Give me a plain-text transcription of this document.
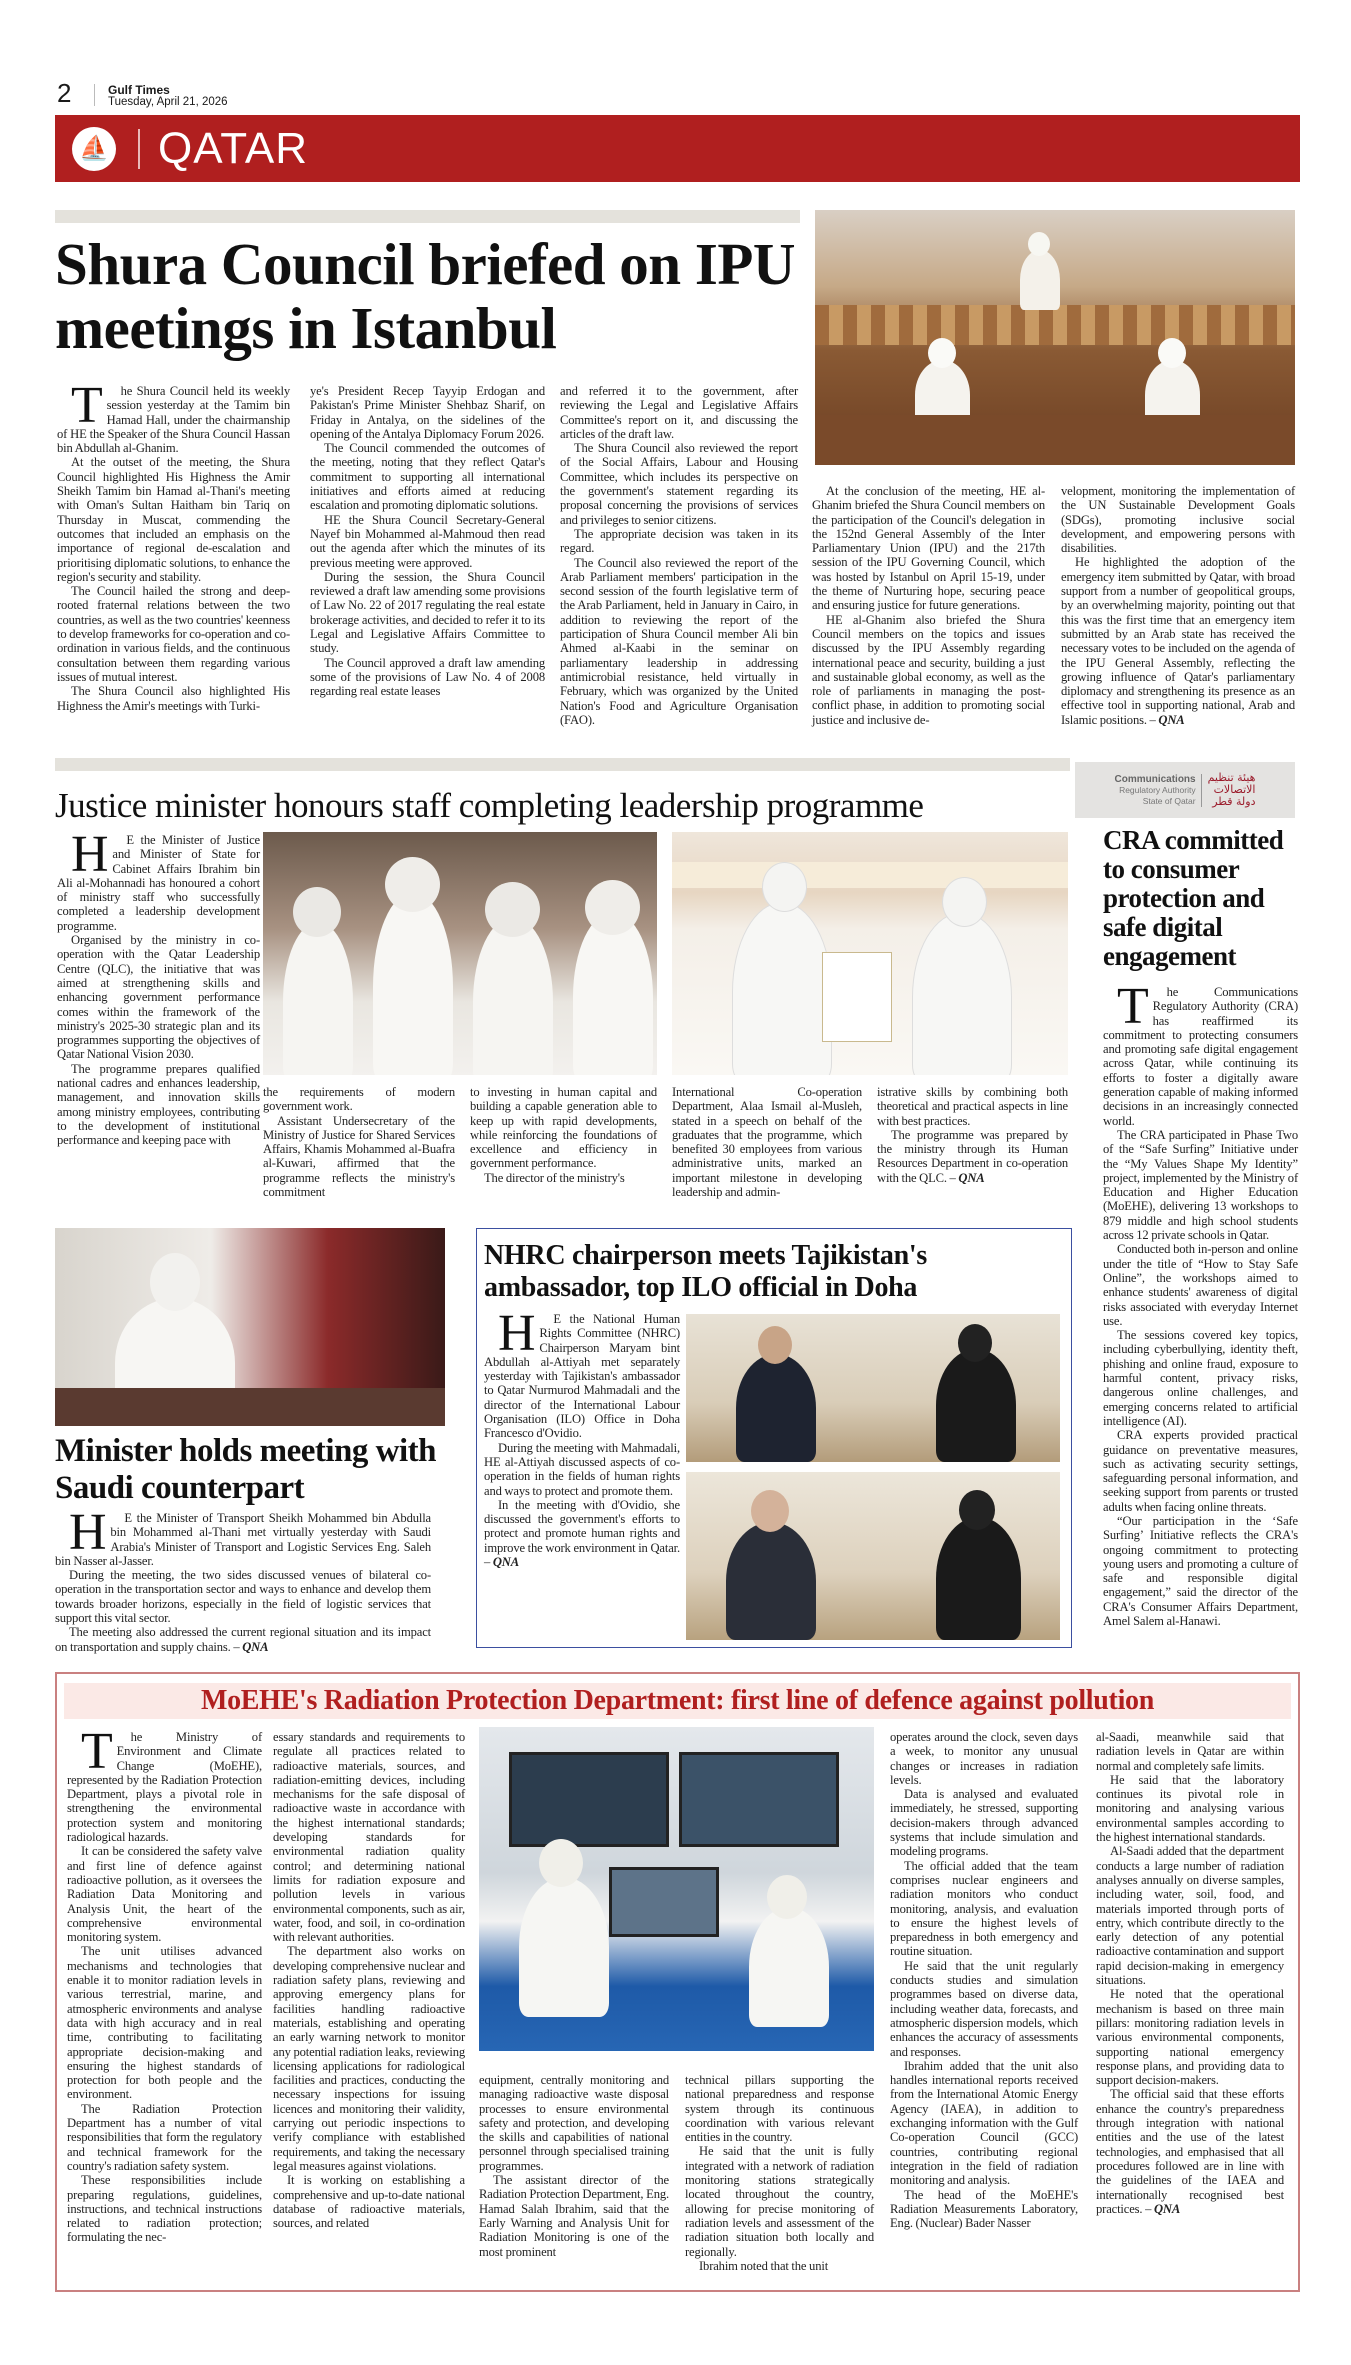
2	Gulf Times
Tuesday, April 21, 2026
⛵ QATAR
Shura Council briefed on IPU meetings in Istanbul

The Shura Council held its weekly session yesterday at the Tamim bin Hamad Hall, under the chairmanship of HE the Speaker of the Shura Council Hassan bin Abdullah al-Ghanim.

At the outset of the meeting, the Shura Council highlighted His Highness the Amir Sheikh Tamim bin Hamad al-Thani's meeting with Oman's Sultan Haitham bin Tariq on Thursday in Muscat, commending the outcomes that included an emphasis on the importance of regional de-escalation and prioritising diplomatic solutions, to enhance the region's security and stability.

The Council hailed the strong and deep-rooted fraternal relations between the two countries, as well as the two countries' keenness to develop frameworks for co-operation and co-ordination in various fields, and the continuous consultation between them regarding various issues of mutual interest.

The Shura Council also highlighted His Highness the Amir's meetings with Turki-

ye's President Recep Tayyip Erdogan and Pakistan's Prime Minister Shehbaz Sharif, on Friday in Antalya, on the sidelines of the opening of the Antalya Diplomacy Forum 2026.

The Council commended the outcomes of the meeting, noting that they reflect Qatar's commitment to supporting all international initiatives and efforts aimed at reducing escalation and promoting diplomatic solutions.

HE the Shura Council Secretary-General Nayef bin Mohammed al-Mahmoud then read out the agenda after which the minutes of its previous meeting were approved.

During the session, the Shura Council reviewed a draft law amending some provisions of Law No. 22 of 2017 regulating the real estate brokerage activities, and decided to refer it to its Legal and Legislative Affairs Committee to study.

The Council approved a draft law amending some of the provisions of Law No. 4 of 2008 regarding real estate leases

and referred it to the government, after reviewing the Legal and Legislative Affairs Committee's report on it, and discussing the articles of the draft law.

The Shura Council also reviewed the report of the Social Affairs, Labour and Housing Committee, which includes its perspective on the government's statement regarding its proposal concerning the provisions of services and privileges to senior citizens.

The appropriate decision was taken in its regard.

The Council also reviewed the report of the Arab Parliament members' participation in the second session of the fourth legislative term of the Arab Parliament, held in January in Cairo, in addition to reviewing the report of the participation of Shura Council member Ali bin Ahmed al-Kaabi in the seminar on parliamentary leadership in addressing antimicrobial resistance, held virtually in February, which was organized by the United Nation's Food and Agriculture Organisation (FAO).

At the conclusion of the meeting, HE al-Ghanim briefed the Shura Council members on the participation of the Council's delegation in the 152nd General Assembly of the Inter Parliamentary Union (IPU) and the 217th session of the IPU Governing Council, which was hosted by Istanbul on April 15-19, under the theme of Nurturing hope, securing peace and ensuring justice for future generations.

HE al-Ghanim also briefed the Shura Council members on the topics and issues discussed by the IPU Assembly regarding international peace and security, building a just and sustainable global economy, as well as the role of parliaments in managing the post-conflict phase, in addition to promoting social justice and inclusive de-

velopment, monitoring the implementation of the UN Sustainable Development Goals (SDGs), promoting inclusive social development, and empowering persons with disabilities.

He highlighted the adoption of the emergency item submitted by Qatar, with broad support from a number of geopolitical groups, by an overwhelming majority, pointing out that this was the first time that an emergency item submitted by an Arab state has received the necessary votes to be included on the agenda of the IPU General Assembly, reflecting the growing influence of Qatar's parliamentary diplomacy and strengthening its presence as an effective tool in supporting national, Arab and Islamic positions. – QNA

Justice minister honours staff completing leadership programme

HE the Minister of Justice and Minister of State for Cabinet Affairs Ibrahim bin Ali al-Mohannadi has honoured a cohort of ministry staff who successfully completed a leadership development programme.

Organised by the ministry in co-operation with the Qatar Leadership Centre (QLC), the initiative that was aimed at strengthening skills and enhancing government performance comes within the framework of the ministry's 2025-30 strategic plan and its programmes supporting the objectives of Qatar National Vision 2030.

The programme prepares qualified national cadres and enhances leadership, management, and innovation skills among ministry employees, contributing to the development of institutional performance and keeping pace with

the requirements of modern government work.

Assistant Undersecretary of the Ministry of Justice for Shared Services Affairs, Khamis Mohammed al-Buafra al-Kuwari, affirmed that the programme reflects the ministry's commitment

to investing in human capital and building a capable generation able to keep up with rapid developments, while reinforcing the foundations of excellence and efficiency in government performance.

The director of the ministry's

International Co-operation Department, Alaa Ismail al-Musleh, stated in a speech on behalf of the graduates that the programme, which benefited 30 employees from various administrative units, marked an important milestone in developing leadership and admin-

istrative skills by combining both theoretical and practical aspects in line with best practices.

The programme was prepared by the ministry through its Human Resources Department in co-operation with the QLC. – QNA

Communications
Regulatory Authority
State of Qatar
هيئة تنظيم
الاتصالات
دولة قطر
CRA committed to consumer protection and safe digital engagement

The Communications Regulatory Authority (CRA) has reaffirmed its commitment to protecting consumers and promoting safe digital engagement across Qatar, while continuing its efforts to foster a digitally aware generation capable of making informed decisions in an increasingly connected world.

The CRA participated in Phase Two of the “Safe Surfing” Initiative under the “My Values Shape My Identity” project, implemented by the Ministry of Education and Higher Education (MoEHE), delivering 13 workshops to 879 middle and high school students across 12 private schools in Qatar.

Conducted both in-person and online under the title of “How to Stay Safe Online”, the workshops aimed to enhance students' awareness of digital risks associated with everyday Internet use.

The sessions covered key topics, including cyberbullying, identity theft, phishing and online fraud, exposure to harmful content, privacy risks, dangerous online challenges, and emerging concerns related to artificial intelligence (AI).

CRA experts provided practical guidance on preventative measures, such as activating security settings, safeguarding personal information, and seeking support from parents or trusted adults when facing online threats.

“Our participation in the ‘Safe Surfing’ Initiative reflects the CRA's ongoing commitment to protecting young users and promoting a culture of safe and responsible digital engagement,” said the director of the CRA's Consumer Affairs Department, Amel Salem al-Hanawi.

Minister holds meeting with Saudi counterpart

HE the Minister of Transport Sheikh Mohammed bin Abdulla bin Mohammed al-Thani met virtually yesterday with Saudi Arabia's Minister of Transport and Logistic Services Eng. Saleh bin Nasser al-Jasser.

During the meeting, the two sides discussed venues of bilateral co-operation in the transportation sector and ways to enhance and develop them towards broader horizons, especially in the field of logistic services that support this vital sector.

The meeting also addressed the current regional situation and its impact on transportation and supply chains. – QNA

NHRC chairperson meets Tajikistan's ambassador, top ILO official in Doha

HE the National Human Rights Committee (NHRC) Chairperson Maryam bint Abdullah al-Attiyah met separately yesterday with Tajikistan's ambassador to Qatar Nurmurod Mahmadali and the director of the International Labour Organisation (ILO) Office in Doha Francesco d'Ovidio.

During the meeting with Mahmadali, HE al-Attiyah discussed aspects of co-operation in the fields of human rights and ways to protect and promote them.

In the meeting with d'Ovidio, she discussed the government's efforts to protect and promote human rights and improve the work environment in Qatar. – QNA

MoEHE's Radiation Protection Department: first line of defence against pollution

The Ministry of Environment and Climate Change (MoEHE), represented by the Radiation Protection Department, plays a pivotal role in strengthening the environmental protection system and monitoring radiological hazards.

It can be considered the safety valve and first line of defence against radioactive pollution, as it oversees the Radiation Data Monitoring and Analysis Unit, the heart of the comprehensive environmental monitoring system.

The unit utilises advanced mechanisms and technologies that enable it to monitor radiation levels in various terrestrial, marine, and atmospheric environments and analyse data with high accuracy and in real time, contributing to facilitating appropriate decision-making and ensuring the highest standards of protection for both people and the environment.

The Radiation Protection Department has a number of vital responsibilities that form the regulatory and technical framework for the country's radiation safety system.

These responsibilities include preparing regulations, guidelines, instructions, and technical instructions related to radiation protection; formulating the nec-

essary standards and requirements to regulate all practices related to radioactive materials, sources, and radiation-emitting devices, including mechanisms for the safe disposal of radioactive waste in accordance with the highest international standards; developing standards for environmental radiation quality control; and determining national limits for radiation exposure and pollution levels in various environmental components, such as air, water, food, and soil, in co-ordination with relevant authorities.

The department also works on developing comprehensive nuclear and radiation safety plans, reviewing and approving emergency plans for facilities handling radioactive materials, establishing and operating an early warning network to monitor any potential radiation leaks, reviewing licensing applications for radiological facilities and practices, conducting the necessary inspections for issuing licences and monitoring their validity, carrying out periodic inspections to verify compliance with established requirements, and taking the necessary legal measures against violations.

It is working on establishing a comprehensive and up-to-date national database of radioactive materials, sources, and related

equipment, centrally monitoring and managing radioactive waste disposal processes to ensure environmental safety and protection, and developing the skills and capabilities of national personnel through specialised training programmes.

The assistant director of the Radiation Protection Department, Eng. Hamad Salah Ibrahim, said that the Early Warning and Analysis Unit for Radiation Monitoring is one of the most prominent

technical pillars supporting the national preparedness and response system through its continuous coordination with various relevant entities in the country.

He said that the unit is fully integrated with a network of radiation monitoring stations strategically located throughout the country, allowing for precise monitoring of radiation levels and assessment of the radiation situation both locally and regionally.

Ibrahim noted that the unit

operates around the clock, seven days a week, to monitor any unusual changes or increases in radiation levels.

Data is analysed and evaluated immediately, he stressed, supporting decision-makers through advanced systems that include simulation and modeling programs.

The official added that the team comprises nuclear engineers and radiation monitors who conduct monitoring, analysis, and evaluation to ensure the highest levels of preparedness in both emergency and routine situation.

He said that the unit regularly conducts studies and simulation programmes based on diverse data, including weather data, forecasts, and atmospheric dispersion models, which enhances the accuracy of assessments and responses.

Ibrahim added that the unit also handles international reports received from the International Atomic Energy Agency (IAEA), in addition to exchanging information with the Gulf Co-operation Council (GCC) countries, contributing regional integration in the field of radiation monitoring and analysis.

The head of the MoEHE's Radiation Measurements Laboratory, Eng. (Nuclear) Bader Nasser

al-Saadi, meanwhile said that radiation levels in Qatar are within normal and completely safe limits.

He said that the laboratory continues its pivotal role in monitoring and analysing various environmental samples according to the highest international standards.

Al-Saadi added that the department conducts a large number of radiation analyses annually on diverse samples, including water, soil, food, and materials imported through ports of entry, which contribute directly to the early detection of any potential radioactive contamination and support rapid decision-making in emergency situations.

He noted that the operational mechanism is based on three main pillars: monitoring radiation levels in various environmental components, supporting national emergency response plans, and providing data to support decision-makers.

The official said that these efforts enhance the country's preparedness through integration with national entities and the use of the latest technologies, and emphasised that all procedures followed are in line with the guidelines of the IAEA and internationally recognised best practices. – QNA
